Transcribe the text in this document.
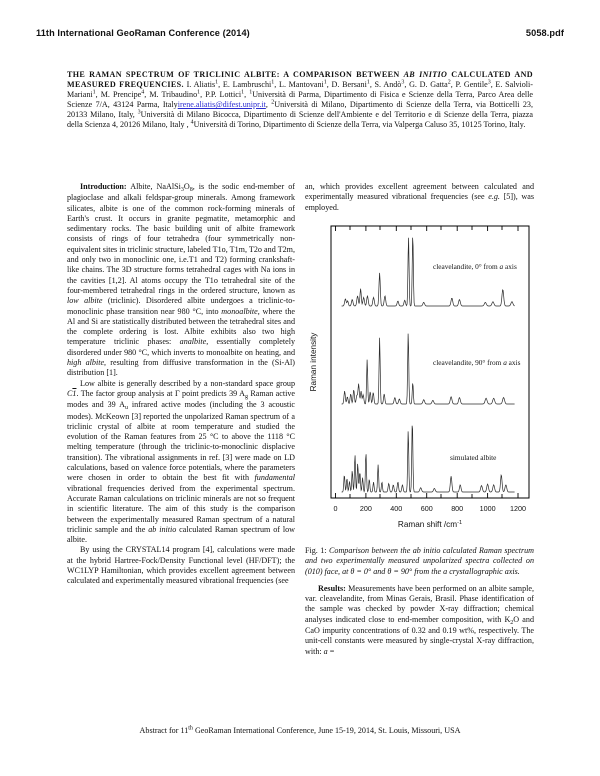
11th International GeoRaman Conference (2014)	5058.pdf
THE RAMAN SPECTRUM OF TRICLINIC ALBITE: A COMPARISON BETWEEN AB INITIO CALCULATED AND MEASURED FREQUENCIES. I. Aliatis$^1$, E. Lambruschi$^1$, L. Mantovani$^1$, D. Bersani$^1$, S. Andò$^3$, G. D. Gatta$^2$, P. Gentile$^3$, E. Salvioli-Mariani$^1$, M. Prencipe$^4$, M. Tribaudino$^1$, P.P. Lottici$^1$, $^1$Università di Parma, Dipartimento di Fisica e Scienze della Terra, Parco Area delle Scienze 7/A, 43124 Parma, Italyirene.aliatis@difest.unipr.it, $^2$Università di Milano, Dipartimento di Scienze della Terra, via Botticelli 23, 20133 Milano, Italy, $^3$Università di Milano Bicocca, Dipartimento di Scienze dell'Ambiente e del Territorio e di Scienze della Terra, piazza della Scienza 4, 20126 Milano, Italy , $^4$Università di Torino, Dipartimento di Scienze della Terra, via Valperga Caluso 35, 10125 Torino, Italy.

Introduction: Albite, $NaAlSi_3O_8$, is the sodic end-member of plagioclase and alkali feldspar-group minerals. Among framework silicates, albite is one of the common rock-forming minerals of Earth's crust. It occurs in granite pegmatite, metamorphic and sedimentary rocks. The basic building unit of albite framework consists of rings of four tetrahedra (four symmetrically non-equivalent sites in triclinic structure, labeled T1o, T1m, T2o and T2m, and only two in monoclinic one, i.e.T1 and T2) forming crankshaft-like chains. The 3D structure forms tetrahedral cages with Na ions in the cavities [1,2]. Al atoms occupy the T1o tetrahedral site of the four-membered tetrahedral rings in the ordered structure, known as low albite (triclinic). Disordered albite undergoes a triclinic-to-monoclinic phase transition near 980 °C, into monoalbite, where the Al and Si are statistically distributed between the tetrahedral sites and the complete ordering is lost. Albite exhibits also two high temperature triclinic phases: analbite, essentially completely disordered under 980 °C, which inverts to monoalbite on heating, and high albite, resulting from diffusive transformation in the (Si-Al) distribution [1].

Low albite is generally described by a non-standard space group C1. The factor group analysis at Γ point predicts 39 $A_g$ Raman active modes and 39 $A_u$ infrared active modes (including the 3 acoustic modes). McKeown [3] reported the unpolarized Raman spectrum of a triclinic crystal of albite at room temperature and studied the evolution of the Raman features from 25 °C to above the 1118 °C melting temperature (through the triclinic-to-monoclinic displacive transition). The vibrational assignments in ref. [3] were made on LD calculations, based on valence force potentials, where the parameters were chosen in order to obtain the best fit with fundamental vibrational frequencies derived from the experimental spectrum. Accurate Raman calculations on triclinic minerals are not so frequent in scientific literature. The aim of this study is the comparison between the experimentally measured Raman spectrum of a natural triclinic sample and the ab initio calculated Raman spectrum of low albite.

By using the CRYSTAL14 program [4], calculations were made at the hybrid Hartree-Fock/Density Functional level (HF/DFT); the WC1LYP Hamiltonian, which provides excellent agreement between calculated and experimentally measured vibrational frequencies (see

an, which provides excellent agreement between calculated and experimentally measured vibrational frequencies (see e.g. [5]), was employed.

cleavelandite, 0° from a axis
cleavelandite, 90° from a axis
simulated albite
0	200	400	600	800 1000 1200
Raman shift $/cm^{-1}$
Raman intensity
Fig. 1: Comparison between the ab initio calculated Raman spectrum and two experimentally measured unpolarized spectra collected on (010) face, at θ = 0° and θ = 90° from the a crystallographic axis.
Results: Measurements have been performed on an albite sample, var. cleavelandite, from Minas Gerais, Brasil. Phase identification of the sample was checked by powder X-ray diffraction; chemical analyses indicated close to end-member composition, with $K_2O$ and CaO impurity concentrations of 0.32 and 0.19 wt%, respectively. The unit-cell constants were measured by single-crystal X-ray diffraction, with: a =
Abstract for 11th GeoRaman International Conference, June 15-19, 2014, St. Louis, Missouri, USA
